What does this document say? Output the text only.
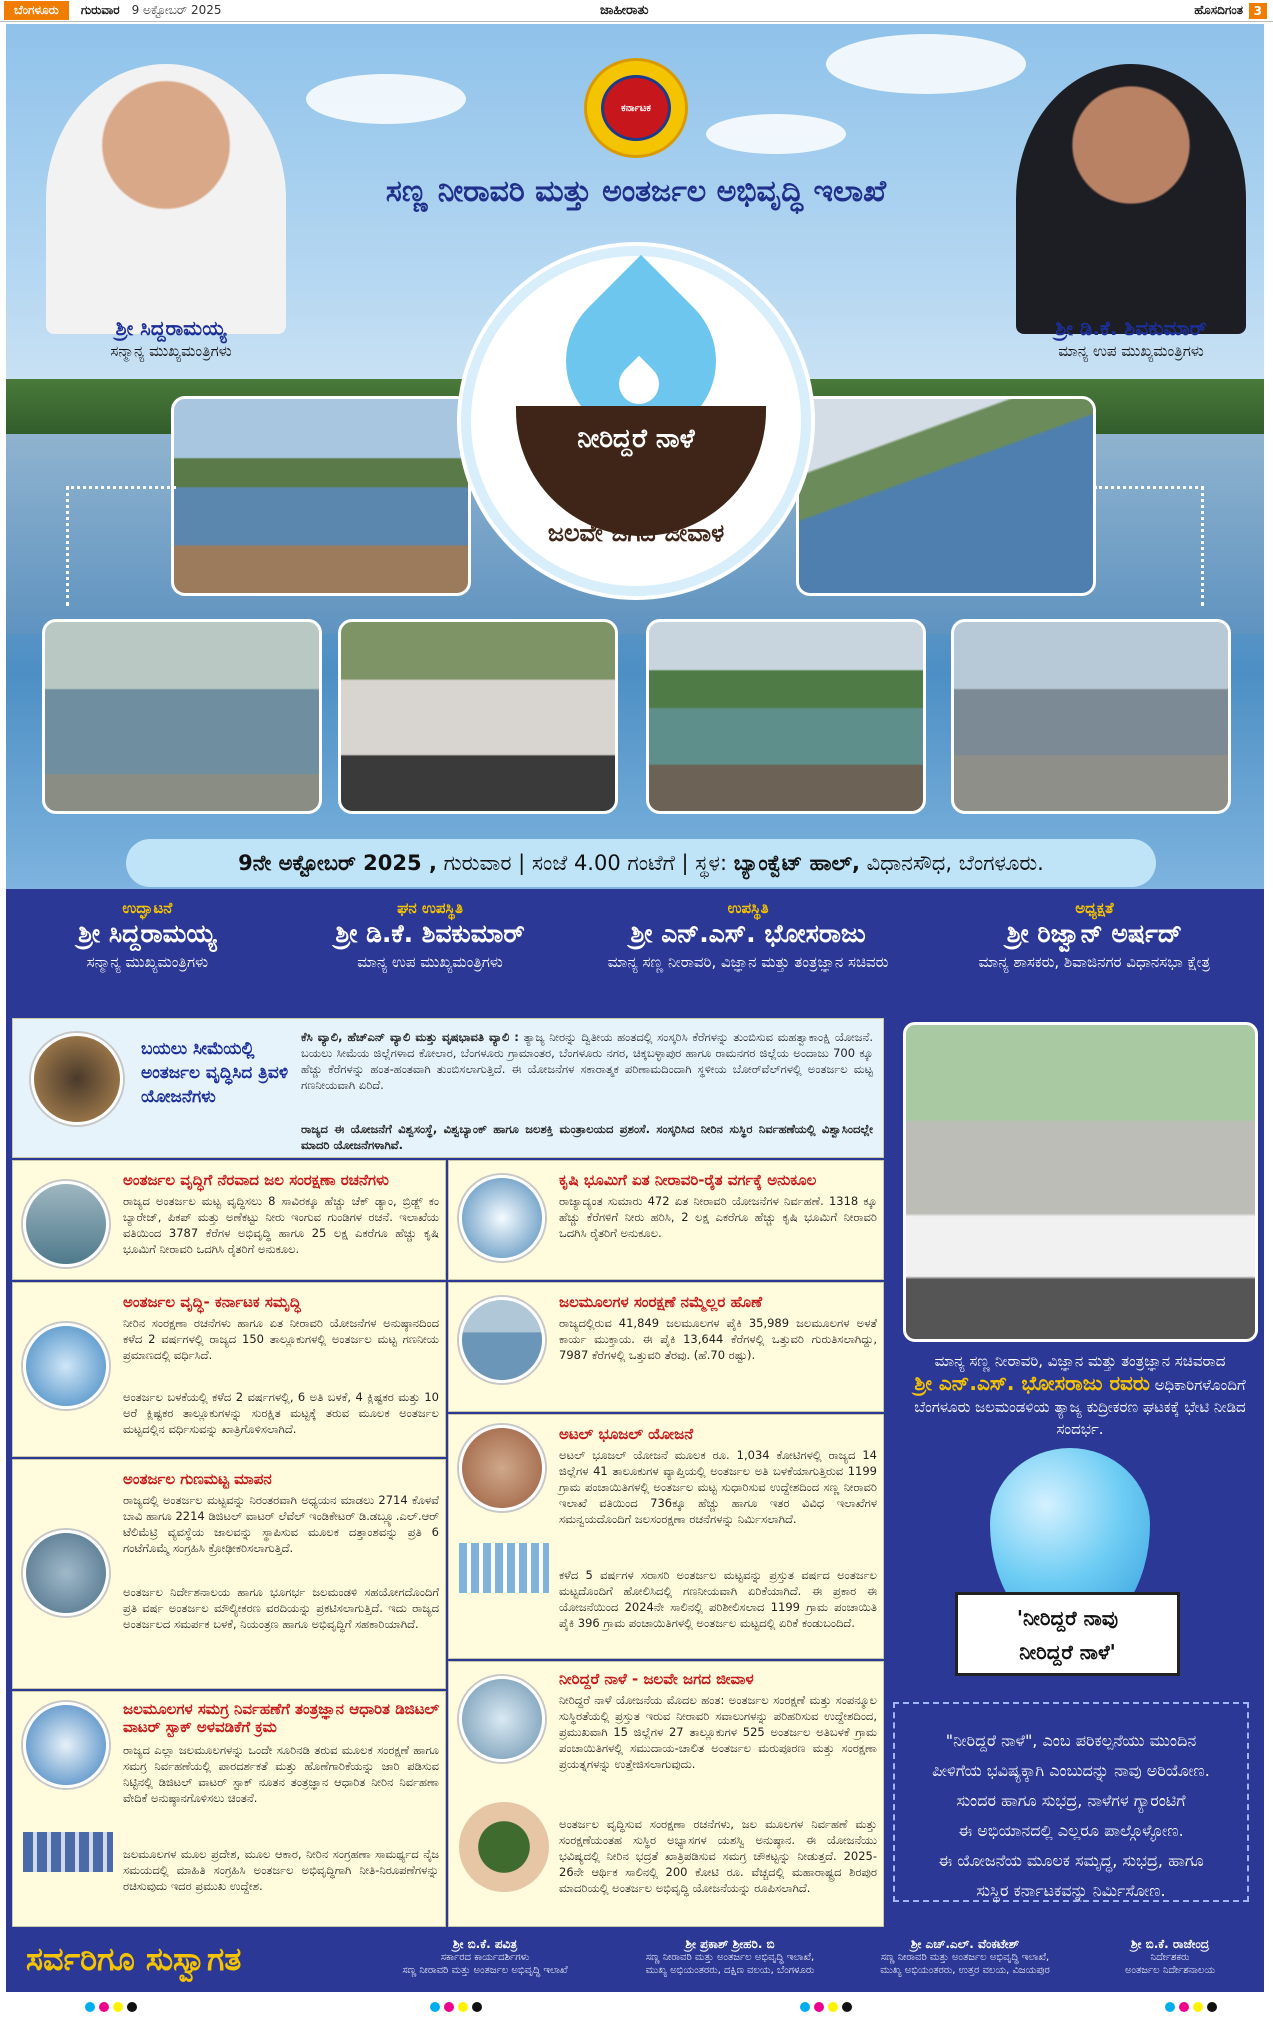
ಬೆಂಗಳೂರು	ಗುರುವಾರ 9 ಅಕ್ಟೋಬರ್ 2025	ಜಾಹೀರಾತು	ಹೊಸದಿಗಂತ 3
ಕರ್ನಾಟಕ
ಸಣ್ಣ ನೀರಾವರಿ ಮತ್ತು ಅಂತರ್ಜಲ ಅಭಿವೃದ್ಧಿ ಇಲಾಖೆ
ಶ್ರೀ ಸಿದ್ದರಾಮಯ್ಯ
ಸನ್ಮಾನ್ಯ ಮುಖ್ಯಮಂತ್ರಿಗಳು
ಶ್ರೀ ಡಿ.ಕೆ. ಶಿವಕುಮಾರ್
ಮಾನ್ಯ ಉಪ ಮುಖ್ಯಮಂತ್ರಿಗಳು
ನೀರಿದ್ದರೆ ನಾಳೆ
ಜಲವೇ ಜಗದ ಜೀವಾಳ
9ನೇ ಅಕ್ಟೋಬರ್ 2025 , ಗುರುವಾರ | ಸಂಜೆ 4.00 ಗಂಟೆಗೆ | ಸ್ಥಳ: ಬ್ಯಾಂಕ್ವೆಟ್ ಹಾಲ್, ವಿಧಾನಸೌಧ, ಬೆಂಗಳೂರು.
ಉದ್ಘಾಟನೆ
ಶ್ರೀ ಸಿದ್ದರಾಮಯ್ಯ
ಸನ್ಮಾನ್ಯ ಮುಖ್ಯಮಂತ್ರಿಗಳು
ಘನ ಉಪಸ್ಥಿತಿ
ಶ್ರೀ ಡಿ.ಕೆ. ಶಿವಕುಮಾರ್
ಮಾನ್ಯ ಉಪ ಮುಖ್ಯಮಂತ್ರಿಗಳು
ಉಪಸ್ಥಿತಿ
ಶ್ರೀ ಎನ್.ಎಸ್. ಭೋಸರಾಜು
ಮಾನ್ಯ ಸಣ್ಣ ನೀರಾವರಿ, ವಿಜ್ಞಾನ ಮತ್ತು ತಂತ್ರಜ್ಞಾನ ಸಚಿವರು
ಅಧ್ಯಕ್ಷತೆ
ಶ್ರೀ ರಿಜ್ವಾನ್ ಅರ್ಷದ್
ಮಾನ್ಯ ಶಾಸಕರು, ಶಿವಾಜಿನಗರ ವಿಧಾನಸಭಾ ಕ್ಷೇತ್ರ
ಬಯಲು ಸೀಮೆಯಲ್ಲಿ ಅಂತರ್ಜಲ ವೃದ್ಧಿಸಿದ ತ್ರಿವಳಿ ಯೋಜನೆಗಳು
ಕೆಸಿ ವ್ಯಾಲಿ, ಹೆಚ್‌ಎನ್ ವ್ಯಾಲಿ ಮತ್ತು ವೃಷಭಾವತಿ ವ್ಯಾಲಿ : ತ್ಯಾಜ್ಯ ನೀರನ್ನು ದ್ವಿತೀಯ ಹಂತದಲ್ಲಿ ಸಂಸ್ಕರಿಸಿ ಕೆರೆಗಳನ್ನು ತುಂಬಿಸುವ ಮಹತ್ವಾಕಾಂಕ್ಷಿ ಯೋಜನೆ. ಬಯಲು ಸೀಮೆಯ ಜಿಲ್ಲೆಗಳಾದ ಕೋಲಾರ, ಬೆಂಗಳೂರು ಗ್ರಾಮಾಂತರ, ಬೆಂಗಳೂರು ನಗರ, ಚಿಕ್ಕಬಳ್ಳಾಪುರ ಹಾಗೂ ರಾಮನಗರ ಜಿಲ್ಲೆಯ ಅಂದಾಜು 700 ಕ್ಕೂ ಹೆಚ್ಚು ಕೆರೆಗಳನ್ನು ಹಂತ-ಹಂತವಾಗಿ ತುಂಬಿಸಲಾಗುತ್ತಿದೆ. ಈ ಯೋಜನೆಗಳ ಸಕಾರಾತ್ಮಕ ಪರಿಣಾಮದಿಂದಾಗಿ ಸ್ಥಳೀಯ ಬೋರ್‌ವೆಲ್‌ಗಳಲ್ಲಿ ಅಂತರ್ಜಲ ಮಟ್ಟ ಗಣನೀಯವಾಗಿ ಏರಿದೆ.
ರಾಜ್ಯದ ಈ ಯೋಜನೆಗೆ ವಿಶ್ವಸಂಸ್ಥೆ, ವಿಶ್ವಬ್ಯಾಂಕ್ ಹಾಗೂ ಜಲಶಕ್ತಿ ಮಂತ್ರಾಲಯದ ಪ್ರಶಂಸೆ. ಸಂಸ್ಕರಿಸಿದ ನೀರಿನ ಸುಸ್ಥಿರ ನಿರ್ವಹಣೆಯಲ್ಲಿ ವಿಶ್ವಾಸಿಂದಲ್ಲೇ ಮಾದರಿ ಯೋಜನೆಗಳಾಗಿವೆ.
ಅಂತರ್ಜಲ ವೃದ್ಧಿಗೆ ನೆರವಾದ ಜಲ ಸಂರಕ್ಷಣಾ ರಚನೆಗಳು
ರಾಜ್ಯದ ಅಂತರ್ಜಲ ಮಟ್ಟ ವೃದ್ಧಿಸಲು 8 ಸಾವಿರಕ್ಕೂ ಹೆಚ್ಚು ಚೆಕ್ ಡ್ಯಾಂ, ಬ್ರಿಡ್ಜ್ ಕಂ ಬ್ಯಾರೇಜ್, ಪಿಕಪ್ ಮತ್ತು ಅಣೆಕಟ್ಟು ನೀರು ಇಂಗುವ ಗುಂಡಿಗಳ ರಚನೆ. ಇಲಾಖೆಯ ವತಿಯಿಂದ 3787 ಕೆರೆಗಳ ಅಭಿವೃದ್ಧಿ ಹಾಗೂ 25 ಲಕ್ಷ ಎಕರೆಗೂ ಹೆಚ್ಚು ಕೃಷಿ ಭೂಮಿಗೆ ನೀರಾವರಿ ಒದಗಿಸಿ ರೈತರಿಗೆ ಅನುಕೂಲ.
ಅಂತರ್ಜಲ ವೃದ್ಧಿ- ಕರ್ನಾಟಕ ಸಮೃದ್ಧಿ
ನೀರಿನ ಸಂರಕ್ಷಣಾ ರಚನೆಗಳು ಹಾಗೂ ಏತ ನೀರಾವರಿ ಯೋಜನೆಗಳ ಅನುಷ್ಠಾನದಿಂದ ಕಳೆದ 2 ವರ್ಷಗಳಲ್ಲಿ ರಾಜ್ಯದ 150 ತಾಲ್ಲೂಕುಗಳಲ್ಲಿ ಅಂತರ್ಜಲ ಮಟ್ಟ ಗಣನೀಯ ಪ್ರಮಾಣದಲ್ಲಿ ವರ್ಧಿಸಿದೆ.
ಅಂತರ್ಜಲ ಬಳಕೆಯಲ್ಲಿ ಕಳೆದ 2 ವರ್ಷಗಳಲ್ಲಿ, 6 ಅತಿ ಬಳಕೆ, 4 ಕ್ಲಿಷ್ಟಕರ ಮತ್ತು 10 ಅರೆ ಕ್ಲಿಷ್ಟಕರ ತಾಲ್ಲೂಕುಗಳನ್ನು ಸುರಕ್ಷಿತ ಮಟ್ಟಕ್ಕೆ ತರುವ ಮೂಲಕ ಅಂತರ್ಜಲ ಮಟ್ಟದಲ್ಲಿನ ವರ್ಧಿಸುವನ್ನು ಖಾತ್ರಿಗೊಳಿಸಲಾಗಿದೆ.
ಅಂತರ್ಜಲ ಗುಣಮಟ್ಟ ಮಾಪನ
ರಾಜ್ಯದಲ್ಲಿ ಅಂತರ್ಜಲ ಮಟ್ಟವನ್ನು ನಿರಂತರವಾಗಿ ಅಧ್ಯಯನ ಮಾಡಲು 2714 ಕೊಳವೆ ಬಾವಿ ಹಾಗೂ 2214 ಡಿಜಿಟಲ್ ವಾಟರ್ ಲೆವೆಲ್ ಇಂಡಿಕೇಟರ್ ಡಿ.ಡಬ್ಲ್ಯೂ.ಎಲ್.ಆರ್ ಟೆಲಿಮೆಟ್ರಿ ವ್ಯವಸ್ಥೆಯ ಜಾಲವನ್ನು ಸ್ಥಾಪಿಸುವ ಮೂಲಕ ದತ್ತಾಂಶವನ್ನು ಪ್ರತಿ 6 ಗಂಟೆಗೊಮ್ಮೆ ಸಂಗ್ರಹಿಸಿ ಕ್ರೋಢೀಕರಿಸಲಾಗುತ್ತಿದೆ.
ಅಂತರ್ಜಲ ನಿರ್ದೇಶನಾಲಯ ಹಾಗೂ ಭೂಗರ್ಭ ಜಲಮಂಡಳಿ ಸಹಯೋಗದೊಂದಿಗೆ ಪ್ರತಿ ವರ್ಷ ಅಂತರ್ಜಲ ಮೌಲ್ಯೀಕರಣ ವರದಿಯನ್ನು ಪ್ರಕಟಿಸಲಾಗುತ್ತಿದೆ. ಇದು ರಾಜ್ಯದ ಅಂತರ್ಜಲದ ಸಮರ್ಪಕ ಬಳಕೆ, ನಿಯಂತ್ರಣ ಹಾಗೂ ಅಭಿವೃದ್ಧಿಗೆ ಸಹಕಾರಿಯಾಗಿದೆ.
ಜಲಮೂಲಗಳ ಸಮಗ್ರ ನಿರ್ವಹಣೆಗೆ ತಂತ್ರಜ್ಞಾನ ಆಧಾರಿತ ಡಿಜಿಟಲ್ ವಾಟರ್ ಸ್ಟಾಕ್ ಅಳವಡಿಕೆಗೆ ಕ್ರಮ
ರಾಜ್ಯದ ಎಲ್ಲಾ ಜಲಮೂಲಗಳನ್ನು ಒಂದೇ ಸೂರಿನಡಿ ತರುವ ಮೂಲಕ ಸಂರಕ್ಷಣೆ ಹಾಗೂ ಸಮಗ್ರ ನಿರ್ವಹಣೆಯಲ್ಲಿ ಪಾರದರ್ಶಕತೆ ಮತ್ತು ಹೊಣೆಗಾರಿಕೆಯನ್ನು ಜಾರಿ ಪಡಿಸುವ ನಿಟ್ಟಿನಲ್ಲಿ ಡಿಜಿಟಲ್ ವಾಟರ್ ಸ್ಟಾಕ್ ನೂತನ ತಂತ್ರಜ್ಞಾನ ಆಧಾರಿತ ನೀರಿನ ನಿರ್ವಹಣಾ ವೇದಿಕೆ ಅನುಷ್ಠಾನಗೊಳಿಸಲು ಚಿಂತನೆ.
ಜಲಮೂಲಗಳ ಮೂಲ ಪ್ರದೇಶ, ಮೂಲ ಆಕಾರ, ನೀರಿನ ಸಂಗ್ರಹಣಾ ಸಾಮರ್ಥ್ಯದ ನೈಜ ಸಮಯದಲ್ಲಿ ಮಾಹಿತಿ ಸಂಗ್ರಹಿಸಿ ಅಂತರ್ಜಲ ಅಭಿವೃದ್ಧಿಗಾಗಿ ನೀತಿ-ನಿರೂಪಣೆಗಳನ್ನು ರಚಿಸುವುದು ಇದರ ಪ್ರಮುಖ ಉದ್ದೇಶ.
ಕೃಷಿ ಭೂಮಿಗೆ ಏತ ನೀರಾವರಿ-ರೈತ ವರ್ಗಕ್ಕೆ ಅನುಕೂಲ
ರಾಜ್ಯಾದ್ಯಂತ ಸುಮಾರು 472 ಏತ ನೀರಾವರಿ ಯೋಜನೆಗಳ ನಿರ್ವಹಣೆ. 1318 ಕ್ಕೂ ಹೆಚ್ಚು ಕೆರೆಗಳಿಗೆ ನೀರು ಹರಿಸಿ, 2 ಲಕ್ಷ ಎಕರೆಗೂ ಹೆಚ್ಚು ಕೃಷಿ ಭೂಮಿಗೆ ನೀರಾವರಿ ಒದಗಿಸಿ ರೈತರಿಗೆ ಅನುಕೂಲ.
ಜಲಮೂಲಗಳ ಸಂರಕ್ಷಣೆ ನಮ್ಮೆಲ್ಲರ ಹೊಣೆ
ರಾಜ್ಯದಲ್ಲಿರುವ 41,849 ಜಲಮೂಲಗಳ ಪೈಕಿ 35,989 ಜಲಮೂಲಗಳ ಅಳತೆ ಕಾರ್ಯ ಮುಕ್ತಾಯ. ಈ ಪೈಕಿ 13,644 ಕೆರೆಗಳಲ್ಲಿ ಒತ್ತುವರಿ ಗುರುತಿಸಲಾಗಿದ್ದು, 7987 ಕೆರೆಗಳಲ್ಲಿ ಒತ್ತುವರಿ ತೆರವು. (ಹೆ.70 ರಷ್ಟು).
ಅಟಲ್ ಭೂಜಲ್ ಯೋಜನೆ
ಅಟಲ್ ಭೂಜಲ್ ಯೋಜನೆ ಮೂಲಕ ರೂ. 1,034 ಕೋಟಿಗಳಲ್ಲಿ ರಾಜ್ಯದ 14 ಜಿಲ್ಲೆಗಳ 41 ತಾಲೂಕುಗಳ ವ್ಯಾಪ್ತಿಯಲ್ಲಿ ಅಂತರ್ಜಲ ಅತಿ ಬಳಕೆಯಾಗುತ್ತಿರುವ 1199 ಗ್ರಾಮ ಪಂಚಾಯಿತಿಗಳಲ್ಲಿ ಅಂತರ್ಜಲ ಮಟ್ಟ ಸುಧಾರಿಸುವ ಉದ್ದೇಶದಿಂದ ಸಣ್ಣ ನೀರಾವರಿ ಇಲಾಖೆ ವತಿಯಿಂದ 736ಕ್ಕೂ ಹೆಚ್ಚು ಹಾಗೂ ಇತರ ವಿವಿಧ ಇಲಾಖೆಗಳ ಸಮನ್ವಯದೊಂದಿಗೆ ಜಲಸಂರಕ್ಷಣಾ ರಚನೆಗಳನ್ನು ನಿರ್ಮಿಸಲಾಗಿದೆ.
ಕಳೆದ 5 ವರ್ಷಗಳ ಸರಾಸರಿ ಅಂತರ್ಜಲ ಮಟ್ಟವನ್ನು ಪ್ರಸ್ತುತ ವರ್ಷದ ಅಂತರ್ಜಲ ಮಟ್ಟದೊಂದಿಗೆ ಹೋಲಿಸಿದಲ್ಲಿ ಗಣನೀಯವಾಗಿ ಏರಿಕೆಯಾಗಿದೆ. ಈ ಪ್ರಕಾರ ಈ ಯೋಜನೆಯಿಂದ 2024ನೇ ಸಾಲಿನಲ್ಲಿ ಪರಿಶೀಲಿಸಲಾದ 1199 ಗ್ರಾಮ ಪಂಚಾಯಿತಿ ಪೈಕಿ 396 ಗ್ರಾಮ ಪಂಚಾಯಿತಿಗಳಲ್ಲಿ ಅಂತರ್ಜಲ ಮಟ್ಟದಲ್ಲಿ ಏರಿಕೆ ಕಂಡುಬಂದಿದೆ.
ನೀರಿದ್ದರೆ ನಾಳೆ - ಜಲವೇ ಜಗದ ಜೀವಾಳ
ನೀರಿದ್ದರೆ ನಾಳೆ ಯೋಜನೆಯ ಮೊದಲ ಹಂತ: ಅಂತರ್ಜಲ ಸಂರಕ್ಷಣೆ ಮತ್ತು ಸಂಪನ್ಮೂಲ ಸುಸ್ಥಿರತೆಯಲ್ಲಿ ಪ್ರಸ್ತುತ ಇರುವ ನೀರಾವರಿ ಸವಾಲುಗಳನ್ನು ಪರಿಹರಿಸುವ ಉದ್ದೇಶದಿಂದ, ಪ್ರಮುಖವಾಗಿ 15 ಜಿಲ್ಲೆಗಳ 27 ತಾಲ್ಲೂಕುಗಳ 525 ಅಂತರ್ಜಲ ಅತಿಬಳಕೆ ಗ್ರಾಮ ಪಂಚಾಯಿತಿಗಳಲ್ಲಿ ಸಮುದಾಯ-ಚಾಲಿತ ಅಂತರ್ಜಲ ಮರುಪೂರಣ ಮತ್ತು ಸಂರಕ್ಷಣಾ ಪ್ರಯತ್ನಗಳನ್ನು ಉತ್ತೇಜಿಸಲಾಗುವುದು.
ಅಂತರ್ಜಲ ವೃದ್ಧಿಸುವ ಸಂರಕ್ಷಣಾ ರಚನೆಗಳು, ಜಲ ಮೂಲಗಳ ನಿರ್ವಹಣೆ ಮತ್ತು ಸಂರಕ್ಷಣೆಯಂತಹ ಸುಸ್ಥಿರ ಅಭ್ಯಾಸಗಳ ಯಶಸ್ವಿ ಅನುಷ್ಠಾನ. ಈ ಯೋಜನೆಯು ಭವಿಷ್ಯದಲ್ಲಿ ನೀರಿನ ಭದ್ರತೆ ಖಾತ್ರಿಪಡಿಸುವ ಸಮಗ್ರ ಚೌಕಟ್ಟನ್ನು ನೀಡುತ್ತದೆ. 2025-26ನೇ ಆರ್ಥಿಕ ಸಾಲಿನಲ್ಲಿ 200 ಕೋಟಿ ರೂ. ವೆಚ್ಚದಲ್ಲಿ ಮಹಾರಾಷ್ಟ್ರದ ಶಿರಪುರ ಮಾದರಿಯಲ್ಲಿ ಅಂತರ್ಜಲ ಅಭಿವೃದ್ಧಿ ಯೋಜನೆಯನ್ನು ರೂಪಿಸಲಾಗಿದೆ.
ಮಾನ್ಯ ಸಣ್ಣ ನೀರಾವರಿ, ವಿಜ್ಞಾನ ಮತ್ತು ತಂತ್ರಜ್ಞಾನ ಸಚಿವರಾದ
ಶ್ರೀ ಎನ್.ಎಸ್. ಭೋಸರಾಜು ರವರು ಅಧಿಕಾರಿಗಳೊಂದಿಗೆ ಬೆಂಗಳೂರು ಜಲಮಂಡಳಿಯ ತ್ಯಾಜ್ಯ ಕುದ್ರೀಕರಣ ಘಟಕಕ್ಕೆ ಭೇಟಿ ನೀಡಿದ ಸಂದರ್ಭ.
'ನೀರಿದ್ದರೆ ನಾವು
ನೀರಿದ್ದರೆ ನಾಳೆ'
"ನೀರಿದ್ದರೆ ನಾಳೆ", ಎಂಬ ಪರಿಕಲ್ಪನೆಯು ಮುಂದಿನ
ಪೀಳಿಗೆಯ ಭವಿಷ್ಯಕ್ಕಾಗಿ ಎಂಬುದನ್ನು ನಾವು ಅರಿಯೋಣ.
ಸುಂದರ ಹಾಗೂ ಸುಭದ್ರ, ನಾಳೆಗಳ ಗ್ಯಾರಂಟಿಗೆ
ಈ ಅಭಿಯಾನದಲ್ಲಿ ಎಲ್ಲರೂ ಪಾಲ್ಗೊಳ್ಳೋಣ.
ಈ ಯೋಜನೆಯ ಮೂಲಕ ಸಮೃದ್ಧ, ಸುಭದ್ರ, ಹಾಗೂ
ಸುಸ್ಥಿರ ಕರ್ನಾಟಕವನ್ನು ನಿರ್ಮಿಸೋಣ.
ಸರ್ವರಿಗೂ ಸುಸ್ವಾಗತ	ಶ್ರೀ ಬಿ.ಕೆ. ಪವಿತ್ರ
ಸರ್ಕಾರದ ಕಾರ್ಯದರ್ಶಿಗಳು
ಸಣ್ಣ ನೀರಾವರಿ ಮತ್ತು ಅಂತರ್ಜಲ ಅಭಿವೃದ್ಧಿ ಇಲಾಖೆ
ಶ್ರೀ ಪ್ರಕಾಶ್ ಶ್ರೀಹರಿ. ಬಿ
ಸಣ್ಣ ನೀರಾವರಿ ಮತ್ತು ಅಂತರ್ಜಲ ಅಭಿವೃದ್ಧಿ ಇಲಾಖೆ,
ಮುಖ್ಯ ಅಭಿಯಂತರರು, ದಕ್ಷಿಣ ವಲಯ, ಬೆಂಗಳೂರು
ಶ್ರೀ ಎಚ್.ಎಲ್. ವೆಂಕಟೇಶ್
ಸಣ್ಣ ನೀರಾವರಿ ಮತ್ತು ಅಂತರ್ಜಲ ಅಭಿವೃದ್ಧಿ ಇಲಾಖೆ,
ಮುಖ್ಯ ಅಭಿಯಂತರರು, ಉತ್ತರ ವಲಯ, ವಿಜಯಪುರ
ಶ್ರೀ ಬಿ.ಕೆ. ರಾಜೇಂದ್ರ
ನಿರ್ದೇಶಕರು
ಅಂತರ್ಜಲ ನಿರ್ದೇಶನಾಲಯ
